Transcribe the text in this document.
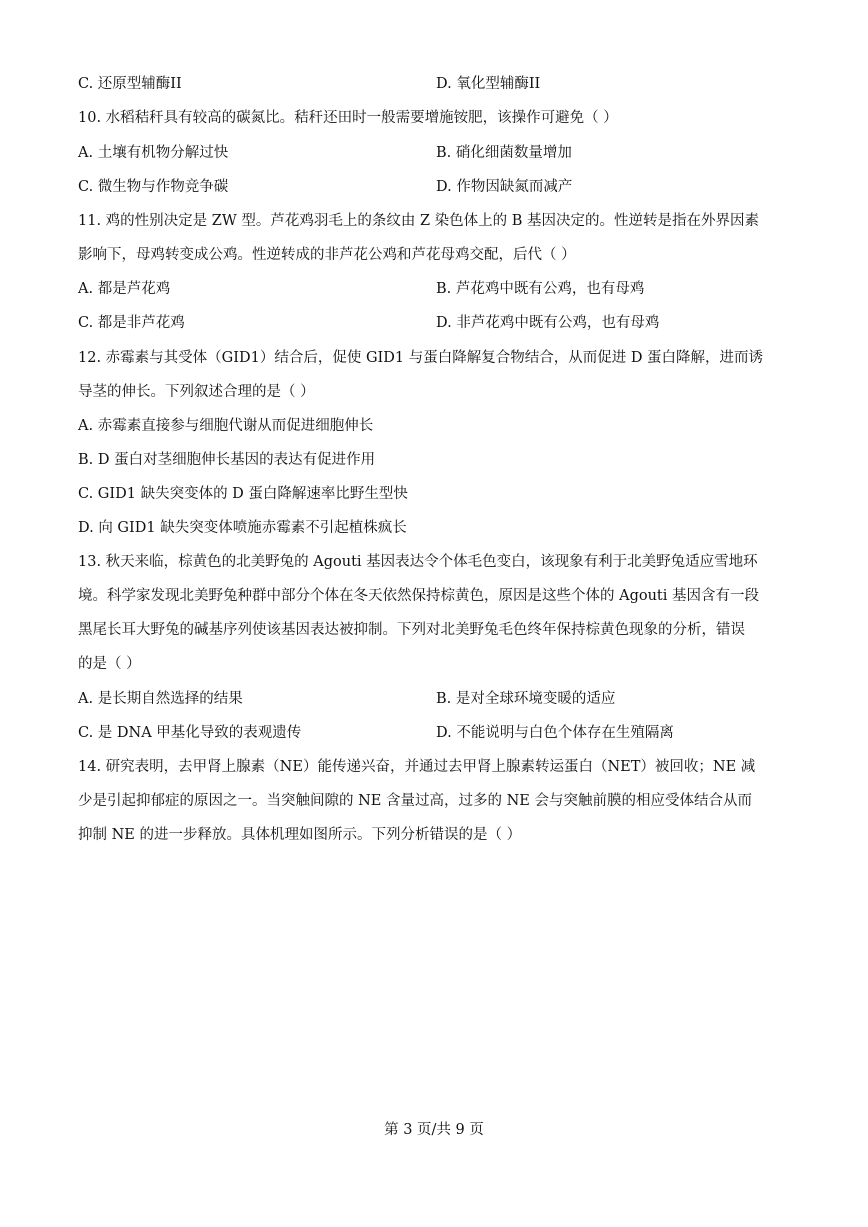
C. 还原型辅酶II	D. 氧化型辅酶II
10. 水稻秸秆具有较高的碳氮比。秸秆还田时一般需要增施铵肥，该操作可避免（ ）
A. 土壤有机物分解过快	B. 硝化细菌数量增加
C. 微生物与作物竞争碳	D. 作物因缺氮而减产
11. 鸡的性别决定是 ZW 型。芦花鸡羽毛上的条纹由 Z 染色体上的 B 基因决定的。性逆转是指在外界因素
影响下，母鸡转变成公鸡。性逆转成的非芦花公鸡和芦花母鸡交配，后代（ ）
A. 都是芦花鸡	B. 芦花鸡中既有公鸡，也有母鸡
C. 都是非芦花鸡	D. 非芦花鸡中既有公鸡，也有母鸡
12. 赤霉素与其受体（GID1）结合后，促使 GID1 与蛋白降解复合物结合，从而促进 D 蛋白降解，进而诱
导茎的伸长。下列叙述合理的是（ ）
A. 赤霉素直接参与细胞代谢从而促进细胞伸长
B. D 蛋白对茎细胞伸长基因的表达有促进作用
C. GID1 缺失突变体的 D 蛋白降解速率比野生型快
D. 向 GID1 缺失突变体喷施赤霉素不引起植株疯长
13. 秋天来临，棕黄色的北美野兔的 Agouti 基因表达令个体毛色变白，该现象有利于北美野兔适应雪地环
境。科学家发现北美野兔种群中部分个体在冬天依然保持棕黄色，原因是这些个体的 Agouti 基因含有一段
黑尾长耳大野兔的碱基序列使该基因表达被抑制。下列对北美野兔毛色终年保持棕黄色现象的分析，错误
的是（ ）
A. 是长期自然选择的结果	B. 是对全球环境变暖的适应
C. 是 DNA 甲基化导致的表观遗传	D. 不能说明与白色个体存在生殖隔离
14. 研究表明，去甲肾上腺素（NE）能传递兴奋，并通过去甲肾上腺素转运蛋白（NET）被回收；NE 减
少是引起抑郁症的原因之一。当突触间隙的 NE 含量过高，过多的 NE 会与突触前膜的相应受体结合从而
抑制 NE 的进一步释放。具体机理如图所示。下列分析错误的是（ ）
第 3 页/共 9 页
